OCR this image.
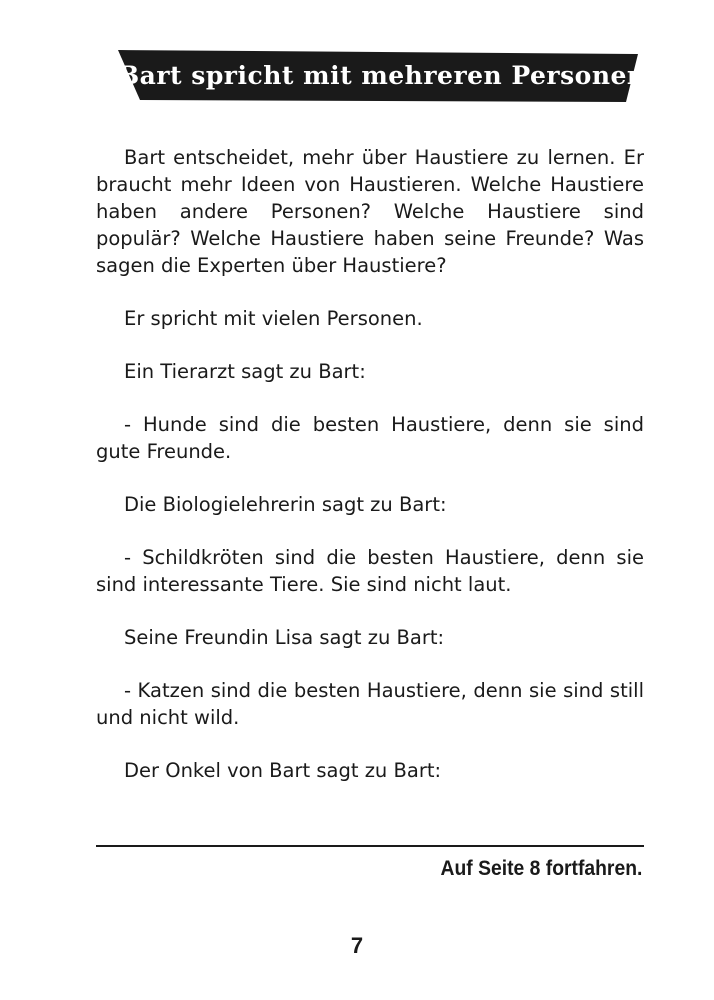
Bart spricht mit mehreren Personen.

Bart entscheidet, mehr über Haustiere zu lernen. Er braucht mehr Ideen von Haustieren. Welche Haustiere haben andere Personen? Welche Haustiere sind populär? Welche Haustiere haben seine Freunde? Was sagen die Experten über Haustiere?

Er spricht mit vielen Personen.

Ein Tierarzt sagt zu Bart:

- Hunde sind die besten Haustiere, denn sie sind gute Freunde.

Die Biologielehrerin sagt zu Bart:

- Schildkröten sind die besten Haustiere, denn sie sind interessante Tiere. Sie sind nicht laut.

Seine Freundin Lisa sagt zu Bart:

- Katzen sind die besten Haustiere, denn sie sind still und nicht wild.

Der Onkel von Bart sagt zu Bart:

Auf Seite 8 fortfahren.
7
